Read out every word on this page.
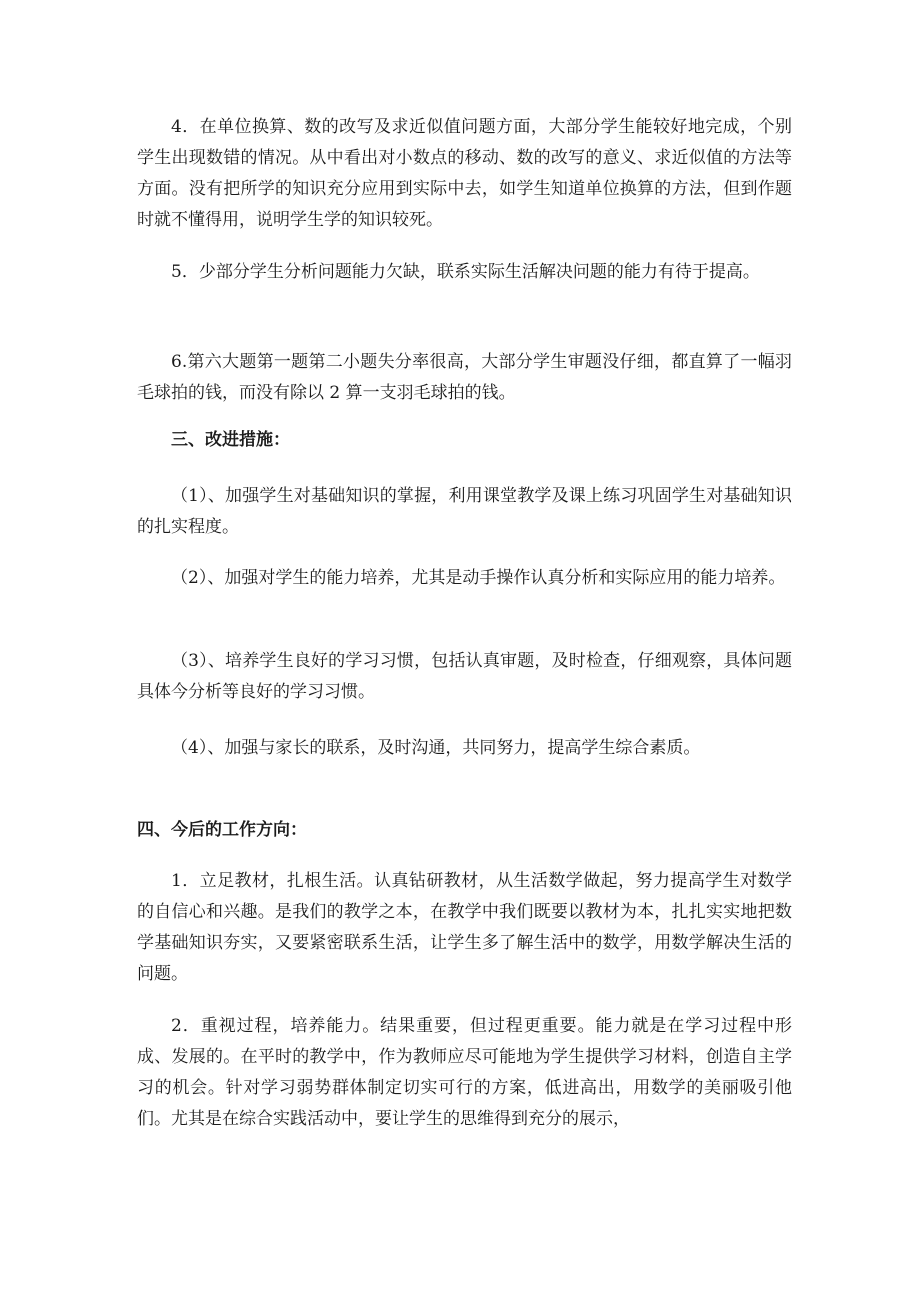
4．在单位换算、数的改写及求近似值问题方面，大部分学生能较好地完成，个别学生出现数错的情况。从中看出对小数点的移动、数的改写的意义、求近似值的方法等方面。没有把所学的知识充分应用到实际中去，如学生知道单位换算的方法，但到作题时就不懂得用，说明学生学的知识较死。

5．少部分学生分析问题能力欠缺，联系实际生活解决问题的能力有待于提高。

6.第六大题第一题第二小题失分率很高，大部分学生审题没仔细，都直算了一幅羽毛球拍的钱，而没有除以 2 算一支羽毛球拍的钱。

三、改进措施：

（1）、加强学生对基础知识的掌握，利用课堂教学及课上练习巩固学生对基础知识的扎实程度。

（2）、加强对学生的能力培养，尤其是动手操作认真分析和实际应用的能力培养。

（3）、培养学生良好的学习习惯，包括认真审题，及时检查，仔细观察，具体问题具体今分析等良好的学习习惯。

（4）、加强与家长的联系，及时沟通，共同努力，提高学生综合素质。

四、今后的工作方向：

1．立足教材，扎根生活。认真钻研教材，从生活数学做起，努力提高学生对数学的自信心和兴趣。是我们的教学之本，在教学中我们既要以教材为本，扎扎实实地把数学基础知识夯实，又要紧密联系生活，让学生多了解生活中的数学，用数学解决生活的问题。

2．重视过程，培养能力。结果重要，但过程更重要。能力就是在学习过程中形成、发展的。在平时的教学中，作为教师应尽可能地为学生提供学习材料，创造自主学习的机会。针对学习弱势群体制定切实可行的方案，低进高出，用数学的美丽吸引他们。尤其是在综合实践活动中，要让学生的思维得到充分的展示，
